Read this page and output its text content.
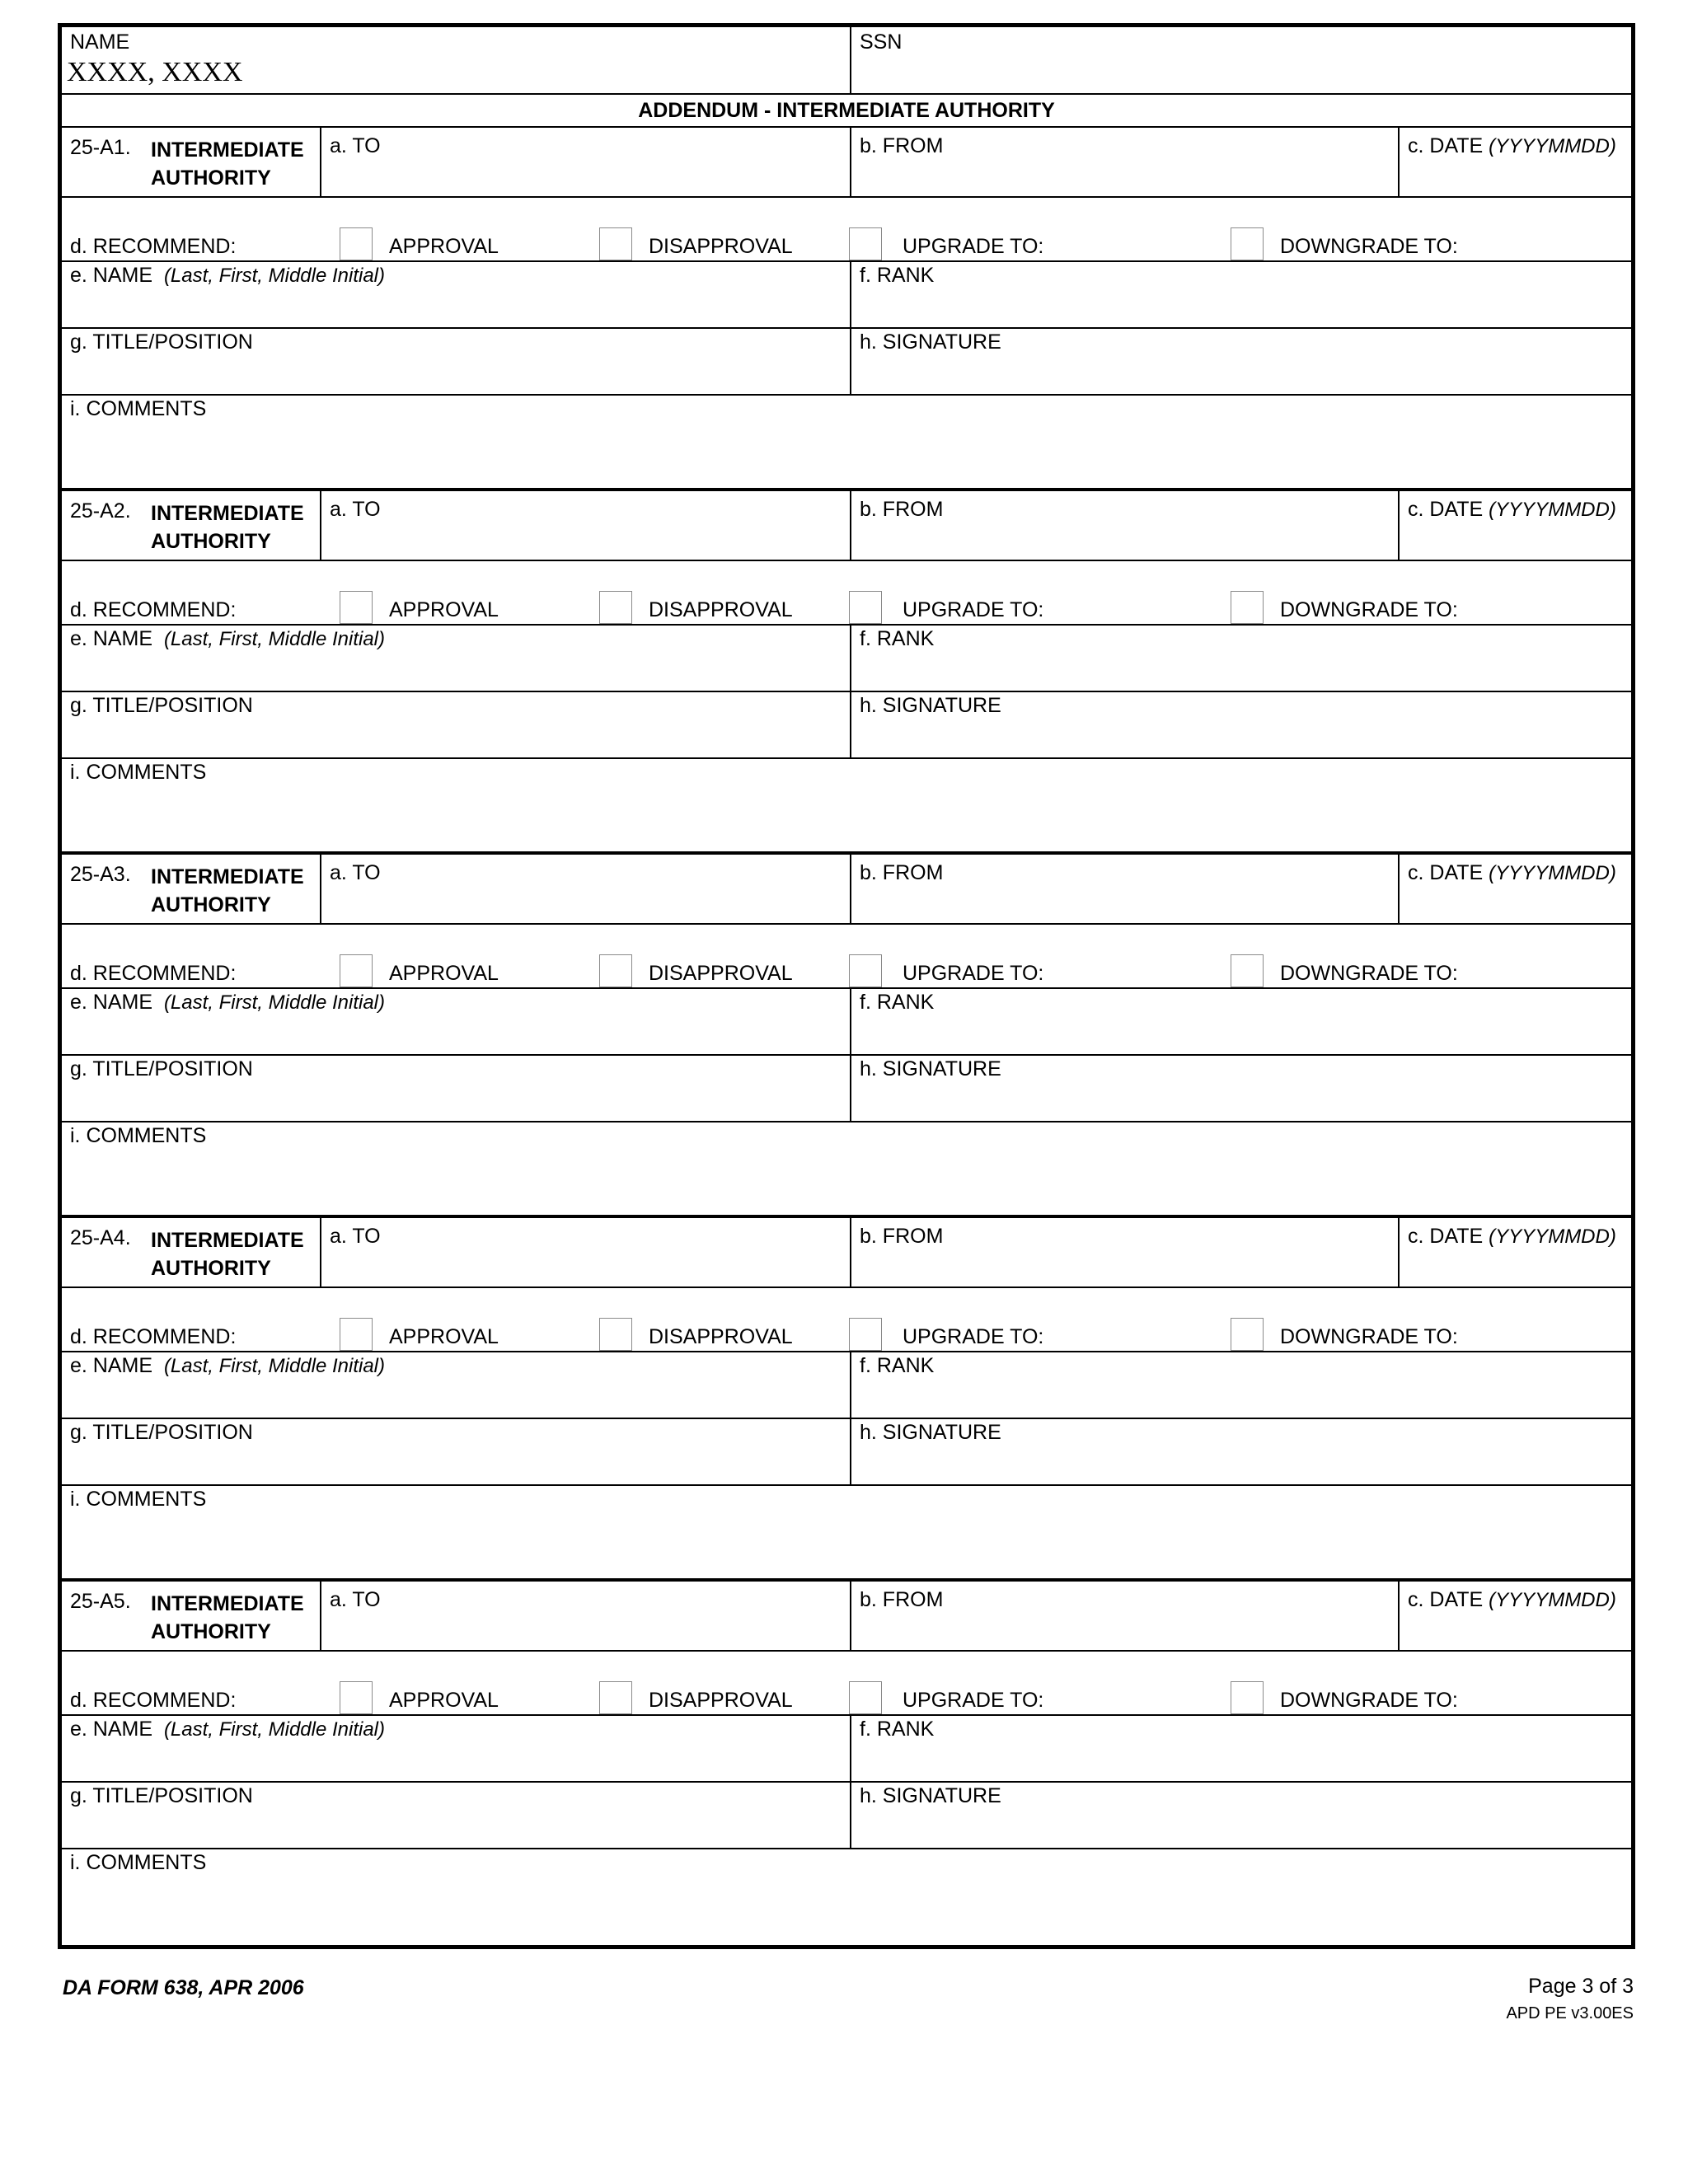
NAME
XXXX, XXXX
SSN
ADDENDUM - INTERMEDIATE AUTHORITY
25-A1. INTERMEDIATE
AUTHORITY
a. TO	b. FROM	c. DATE (YYYYMMDD)
d. RECOMMEND:	APPROVAL	DISAPPROVAL	UPGRADE TO:	DOWNGRADE TO:
e. NAME (Last, First, Middle Initial)	f. RANK
g. TITLE/POSITION	h. SIGNATURE
i. COMMENTS
25-A2. INTERMEDIATE
AUTHORITY
a. TO	b. FROM	c. DATE (YYYYMMDD)
d. RECOMMEND:	APPROVAL	DISAPPROVAL	UPGRADE TO:	DOWNGRADE TO:
e. NAME (Last, First, Middle Initial)	f. RANK
g. TITLE/POSITION	h. SIGNATURE
i. COMMENTS
25-A3. INTERMEDIATE
AUTHORITY
a. TO	b. FROM	c. DATE (YYYYMMDD)
d. RECOMMEND:	APPROVAL	DISAPPROVAL	UPGRADE TO:	DOWNGRADE TO:
e. NAME (Last, First, Middle Initial)	f. RANK
g. TITLE/POSITION	h. SIGNATURE
i. COMMENTS
25-A4. INTERMEDIATE
AUTHORITY
a. TO	b. FROM	c. DATE (YYYYMMDD)
d. RECOMMEND:	APPROVAL	DISAPPROVAL	UPGRADE TO:	DOWNGRADE TO:
e. NAME (Last, First, Middle Initial)	f. RANK
g. TITLE/POSITION	h. SIGNATURE
i. COMMENTS
25-A5. INTERMEDIATE
AUTHORITY
a. TO	b. FROM	c. DATE (YYYYMMDD)
d. RECOMMEND:	APPROVAL	DISAPPROVAL	UPGRADE TO:	DOWNGRADE TO:
e. NAME (Last, First, Middle Initial)	f. RANK
g. TITLE/POSITION	h. SIGNATURE
i. COMMENTS
DA FORM 638, APR 2006	Page 3 of 3
APD PE v3.00ES
